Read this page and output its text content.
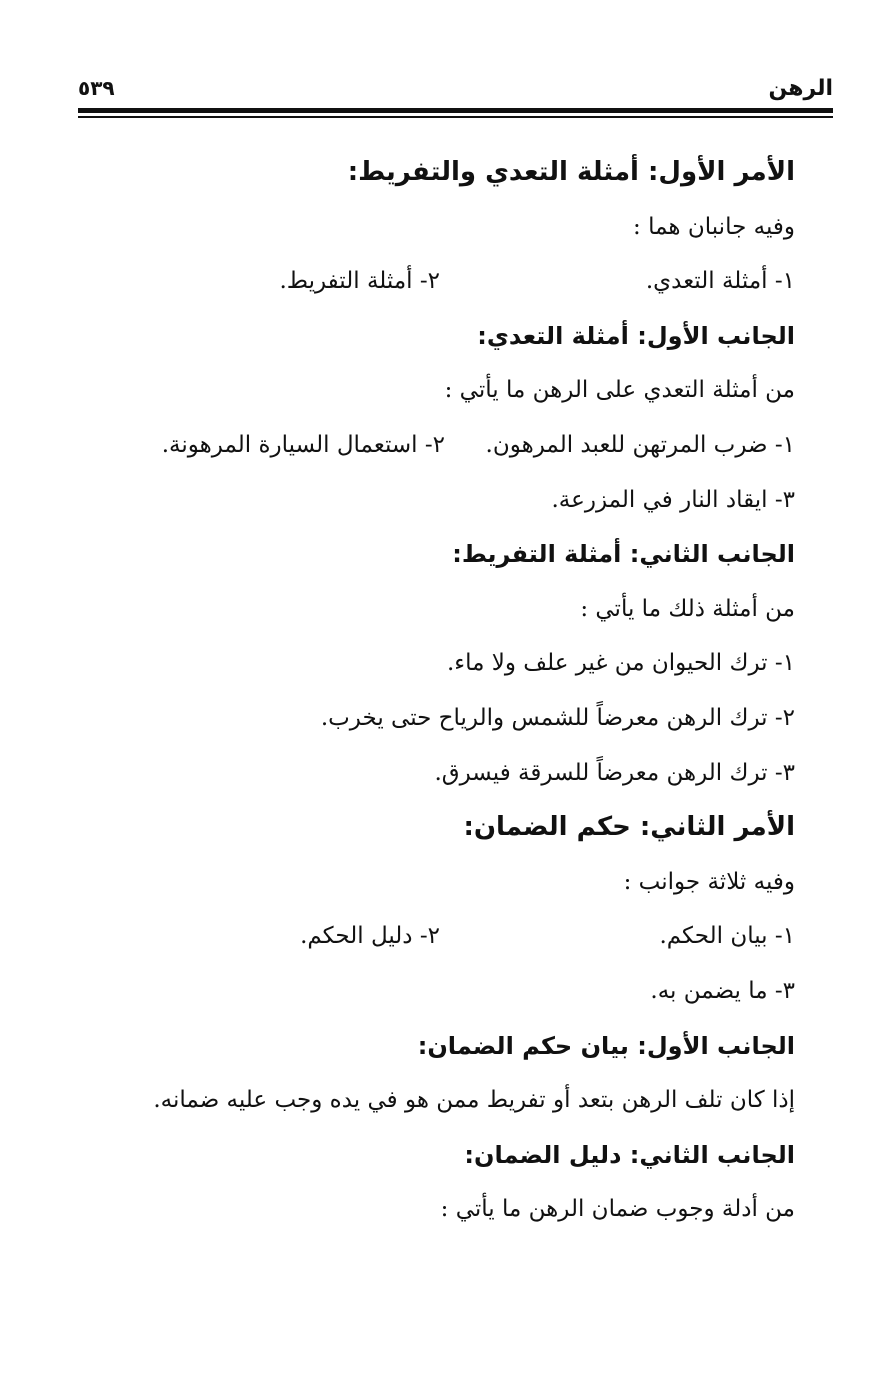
الرهن
٥٣٩
الأمر الأول: أمثلة التعدي والتفريط:
وفيه جانبان هما :
١- أمثلة التعدي.
٢- أمثلة التفريط.
الجانب الأول: أمثلة التعدي:
من أمثلة التعدي على الرهن ما يأتي :
١- ضرب المرتهن للعبد المرهون.
٢- استعمال السيارة المرهونة.
٣- ايقاد النار في المزرعة.
الجانب الثاني: أمثلة التفريط:
من أمثلة ذلك ما يأتي :
١- ترك الحيوان من غير علف ولا ماء.
٢- ترك الرهن معرضاً للشمس والرياح حتى يخرب.
٣- ترك الرهن معرضاً للسرقة فيسرق.
الأمر الثاني: حكم الضمان:
وفيه ثلاثة جوانب :
١- بيان الحكم.
٢- دليل الحكم.
٣- ما يضمن به.
الجانب الأول: بيان حكم الضمان:
إذا كان تلف الرهن بتعد أو تفريط ممن هو في يده وجب عليه ضمانه.
الجانب الثاني: دليل الضمان:
من أدلة وجوب ضمان الرهن ما يأتي :
